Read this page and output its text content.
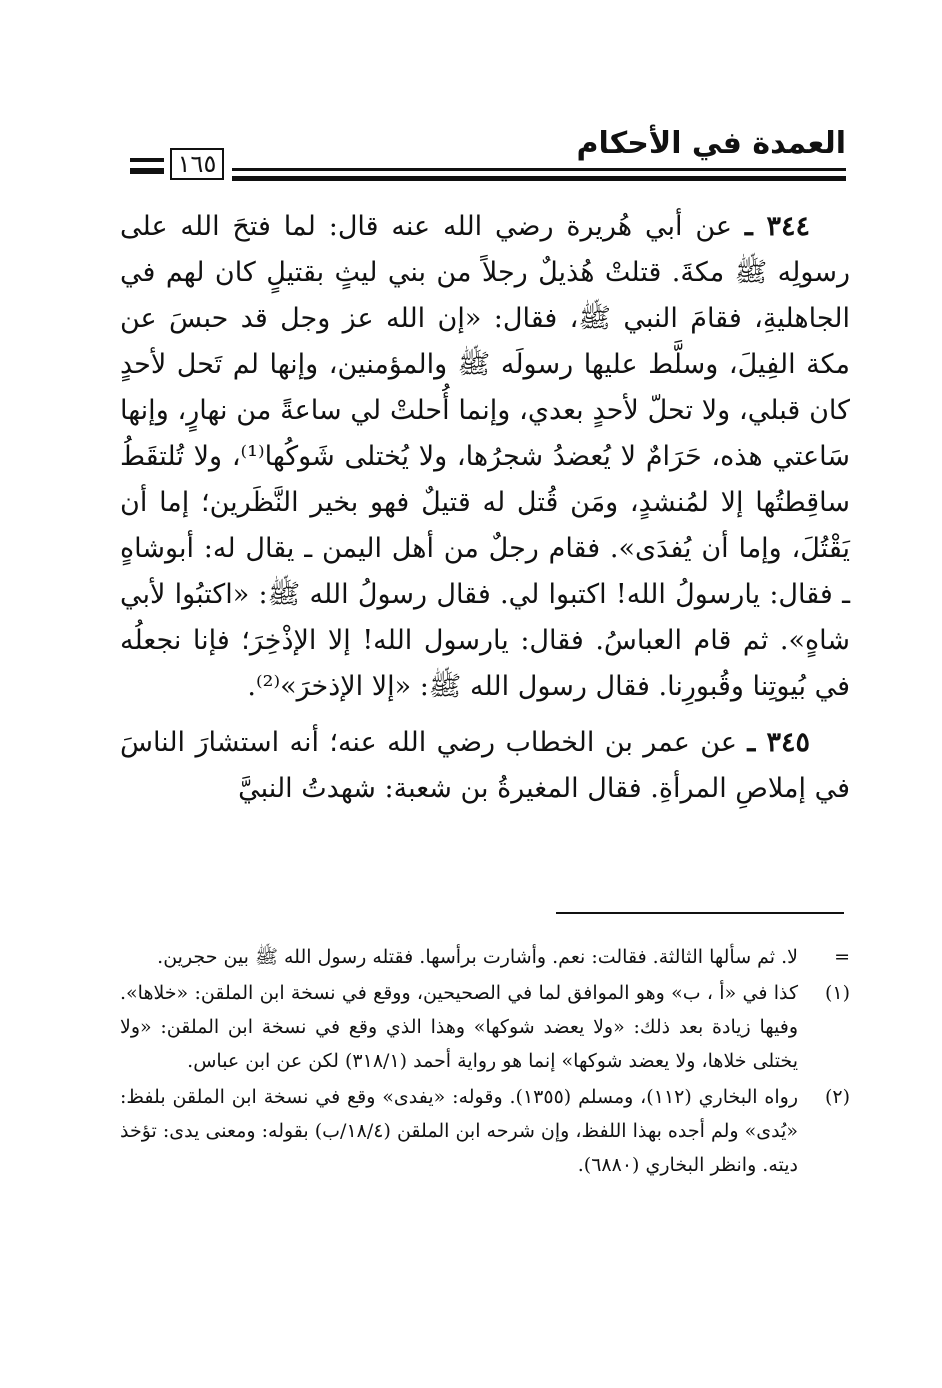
العمدة في الأحكام
١٦٥

٣٤٤ ـ عن أبي هُريرة رضي الله عنه قال: لما فتحَ الله على رسولِه ﷺ مكةَ. قتلتْ هُذيلٌ رجلاً من بني ليثٍ بقتيلٍ كان لهم في الجاهليةِ، فقامَ النبي ﷺ، فقال: «إن الله عز وجل قد حبسَ عن مكة الفِيلَ، وسلَّط عليها رسولَه ﷺ والمؤمنين، وإنها لم تَحل لأحدٍ كان قبلي، ولا تحلّ لأحدٍ بعدي، وإنما أُحلتْ لي ساعةً من نهارٍ، وإنها سَاعتي هذه، حَرَامٌ لا يُعضدُ شجرُها، ولا يُختلى شَوكُها⁽¹⁾، ولا تُلتقَطُ ساقِطتُها إلا لمُنشدٍ، ومَن قُتل له قتيلٌ فهو بخير النَّظَرين؛ إما أن يَقْتُلَ، وإما أن يُفدَى». فقام رجلٌ من أهل اليمن ـ يقال له: أبوشاهٍ ـ فقال: يارسولُ الله! اكتبوا لي. فقال رسولُ الله ﷺ: «اكتبُوا لأبي شاهٍ». ثم قام العباسُ. فقال: يارسول الله! إلا الإذْخِرَ؛ فإنا نجعلُه في بُيوتِنا وقُبورِنا. فقال رسول الله ﷺ: «إلا الإذخرَ»⁽²⁾.

٣٤٥ ـ عن عمر بن الخطاب رضي الله عنه؛ أنه استشارَ الناسَ في إملاصِ المرأةِ. فقال المغيرةُ بن شعبة: شهدتُ النبيَّ

=
لا. ثم سألها الثالثة. فقالت: نعم. وأشارت برأسها. فقتله رسول الله ﷺ بين حجرين.
(١)
كذا في «أ ، ب» وهو الموافق لما في الصحيحين، ووقع في نسخة ابن الملقن: «خلاها». وفيها زيادة بعد ذلك: «ولا يعضد شوكها» وهذا الذي وقع في نسخة ابن الملقن: «ولا يختلى خلاها، ولا يعضد شوكها» إنما هو رواية أحمد (٣١٨/١) لكن عن ابن عباس.
(٢)
رواه البخاري (١١٢)، ومسلم (١٣٥٥). وقوله: «يفدى» وقع في نسخة ابن الملقن بلفظ: «يُدى» ولم أجده بهذا اللفظ، وإن شرحه ابن الملقن (١٨/٤/ب) بقوله: ومعنى يدى: تؤخذ ديته. وانظر البخاري (٦٨٨٠).
